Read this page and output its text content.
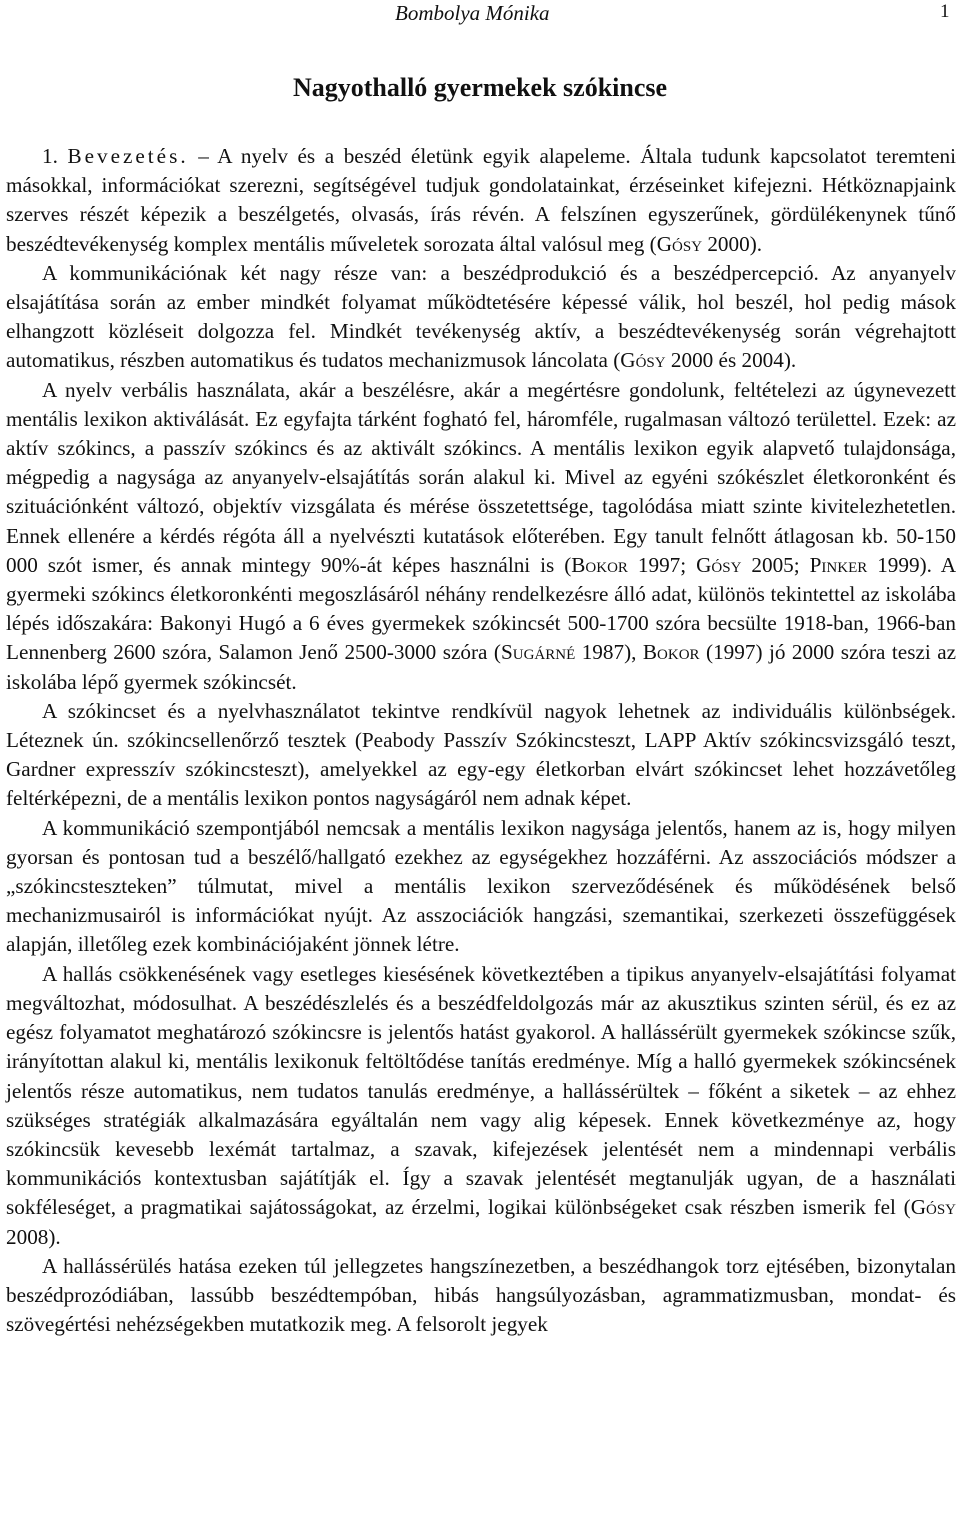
Bombolya Mónika	1
Nagyothalló gyermekek szókincse

1. Bevezetés. – A nyelv és a beszéd életünk egyik alapeleme. Általa tudunk kapcsolatot teremteni másokkal, információkat szerezni, segítségével tudjuk gondolatainkat, érzéseinket kifejezni. Hétköznapjaink szerves részét képezik a beszélgetés, olvasás, írás révén. A felszínen egyszerűnek, gördülékenynek tűnő beszédtevékenység komplex mentális műveletek sorozata által valósul meg (Gósy 2000).

A kommunikációnak két nagy része van: a beszédprodukció és a beszédpercepció. Az anyanyelv elsajátítása során az ember mindkét folyamat működtetésére képessé válik, hol beszél, hol pedig mások elhangzott közléseit dolgozza fel. Mindkét tevékenység aktív, a beszédtevékenység során végrehajtott automatikus, részben automatikus és tudatos mechanizmusok láncolata (Gósy 2000 és 2004).

A nyelv verbális használata, akár a beszélésre, akár a megértésre gondolunk, feltételezi az úgynevezett mentális lexikon aktiválását. Ez egyfajta tárként fogható fel, háromféle, rugalmasan változó területtel. Ezek: az aktív szókincs, a passzív szókincs és az aktivált szókincs. A mentális lexikon egyik alapvető tulajdonsága, mégpedig a nagysága az anyanyelv-elsajátítás során alakul ki. Mivel az egyéni szókészlet életkoronként és szituációnként változó, objektív vizsgálata és mérése összetettsége, tagolódása miatt szinte kivitelezhetetlen. Ennek ellenére a kérdés régóta áll a nyelvészti kutatások előterében. Egy tanult felnőtt átlagosan kb. 50-150 000 szót ismer, és annak mintegy 90%-át képes használni is (Bokor 1997; Gósy 2005; Pinker 1999). A gyermeki szókincs életkoronkénti megoszlásáról néhány rendelkezésre álló adat, különös tekintettel az iskolába lépés időszakára: Bakonyi Hugó a 6 éves gyermekek szókincsét 500-1700 szóra becsülte 1918-ban, 1966-ban Lennenberg 2600 szóra, Salamon Jenő 2500-3000 szóra (Sugárné 1987), Bokor (1997) jó 2000 szóra teszi az iskolába lépő gyermek szókincsét.

A szókincset és a nyelvhasználatot tekintve rendkívül nagyok lehetnek az individuális különbségek. Léteznek ún. szókincsellenőrző tesztek (Peabody Passzív Szókincsteszt, LAPP Aktív szókincsvizsgáló teszt, Gardner expresszív szókincsteszt), amelyekkel az egy-egy életkorban elvárt szókincset lehet hozzávetőleg feltérképezni, de a mentális lexikon pontos nagyságáról nem adnak képet.

A kommunikáció szempontjából nemcsak a mentális lexikon nagysága jelentős, hanem az is, hogy milyen gyorsan és pontosan tud a beszélő/hallgató ezekhez az egységekhez hozzáférni. Az asszociációs módszer a „szókincsteszteken” túlmutat, mivel a mentális lexikon szerveződésének és működésének belső mechanizmusairól is információkat nyújt. Az asszociációk hangzási, szemantikai, szerkezeti összefüggések alapján, illetőleg ezek kombinációjaként jönnek létre.

A hallás csökkenésének vagy esetleges kiesésének következtében a tipikus anyanyelv-elsajátítási folyamat megváltozhat, módosulhat. A beszédészlelés és a beszédfeldolgozás már az akusztikus szinten sérül, és ez az egész folyamatot meghatározó szókincsre is jelentős hatást gyakorol. A hallássérült gyermekek szókincse szűk, irányítottan alakul ki, mentális lexikonuk feltöltődése tanítás eredménye. Míg a halló gyermekek szókincsének jelentős része automatikus, nem tudatos tanulás eredménye, a hallássérültek – főként a siketek – az ehhez szükséges stratégiák alkalmazására egyáltalán nem vagy alig képesek. Ennek következménye az, hogy szókincsük kevesebb lexémát tartalmaz, a szavak, kifejezések jelentését nem a mindennapi verbális kommunikációs kontextusban sajátítják el. Így a szavak jelentését megtanulják ugyan, de a használati sokféleséget, a pragmatikai sajátosságokat, az érzelmi, logikai különbségeket csak részben ismerik fel (Gósy 2008).

A hallássérülés hatása ezeken túl jellegzetes hangszínezetben, a beszédhangok torz ejtésében, bizonytalan beszédprozódiában, lassúbb beszédtempóban, hibás hangsúlyozásban, agrammatizmusban, mondat- és szövegértési nehézségekben mutatkozik meg. A felsorolt jegyek
